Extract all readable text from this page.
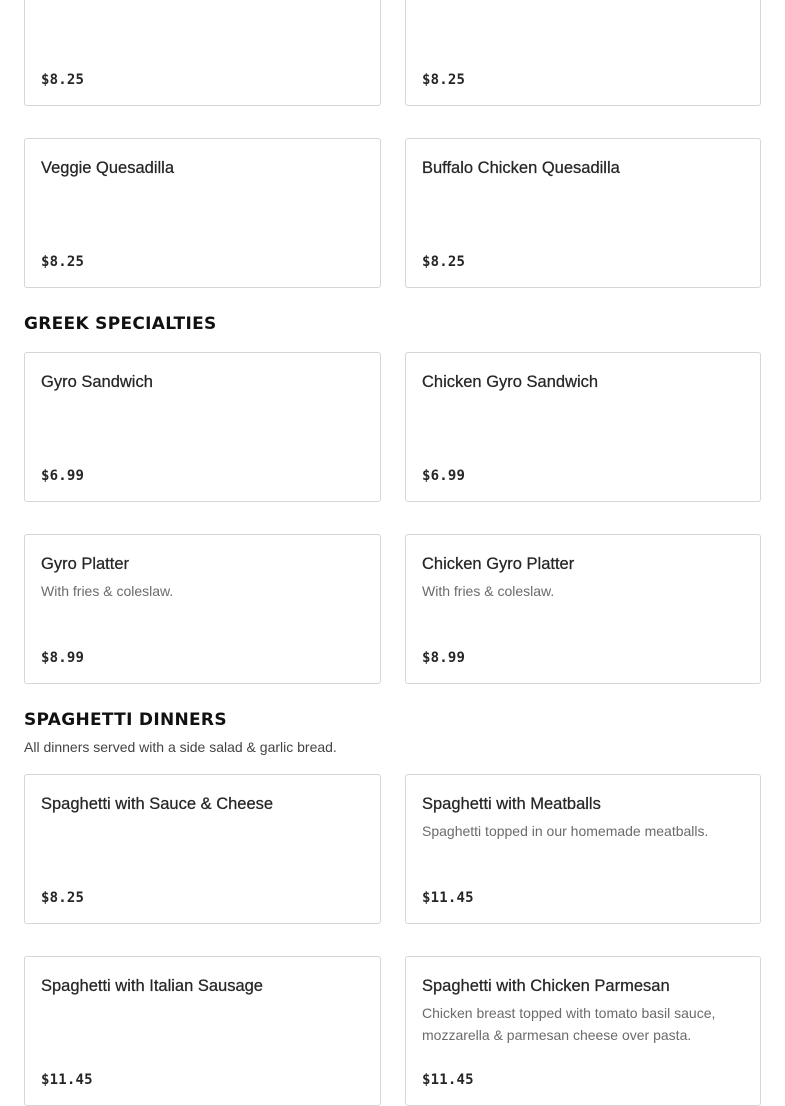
$8.25	$8.25
Veggie Quesadilla
$8.25
Buffalo Chicken Quesadilla
$8.25
GREEK SPECIALTIES
Gyro Sandwich
$6.99
Chicken Gyro Sandwich
$6.99
Gyro Platter
With fries & coleslaw.
$8.99
Chicken Gyro Platter
With fries & coleslaw.
$8.99
SPAGHETTI DINNERS
All dinners served with a side salad & garlic bread.
Spaghetti with Sauce & Cheese
$8.25
Spaghetti with Meatballs
Spaghetti topped in our homemade meatballs.
$11.45
Spaghetti with Italian Sausage
$11.45
Spaghetti with Chicken Parmesan
Chicken breast topped with tomato basil sauce, mozzarella & parmesan cheese over pasta.
$11.45
